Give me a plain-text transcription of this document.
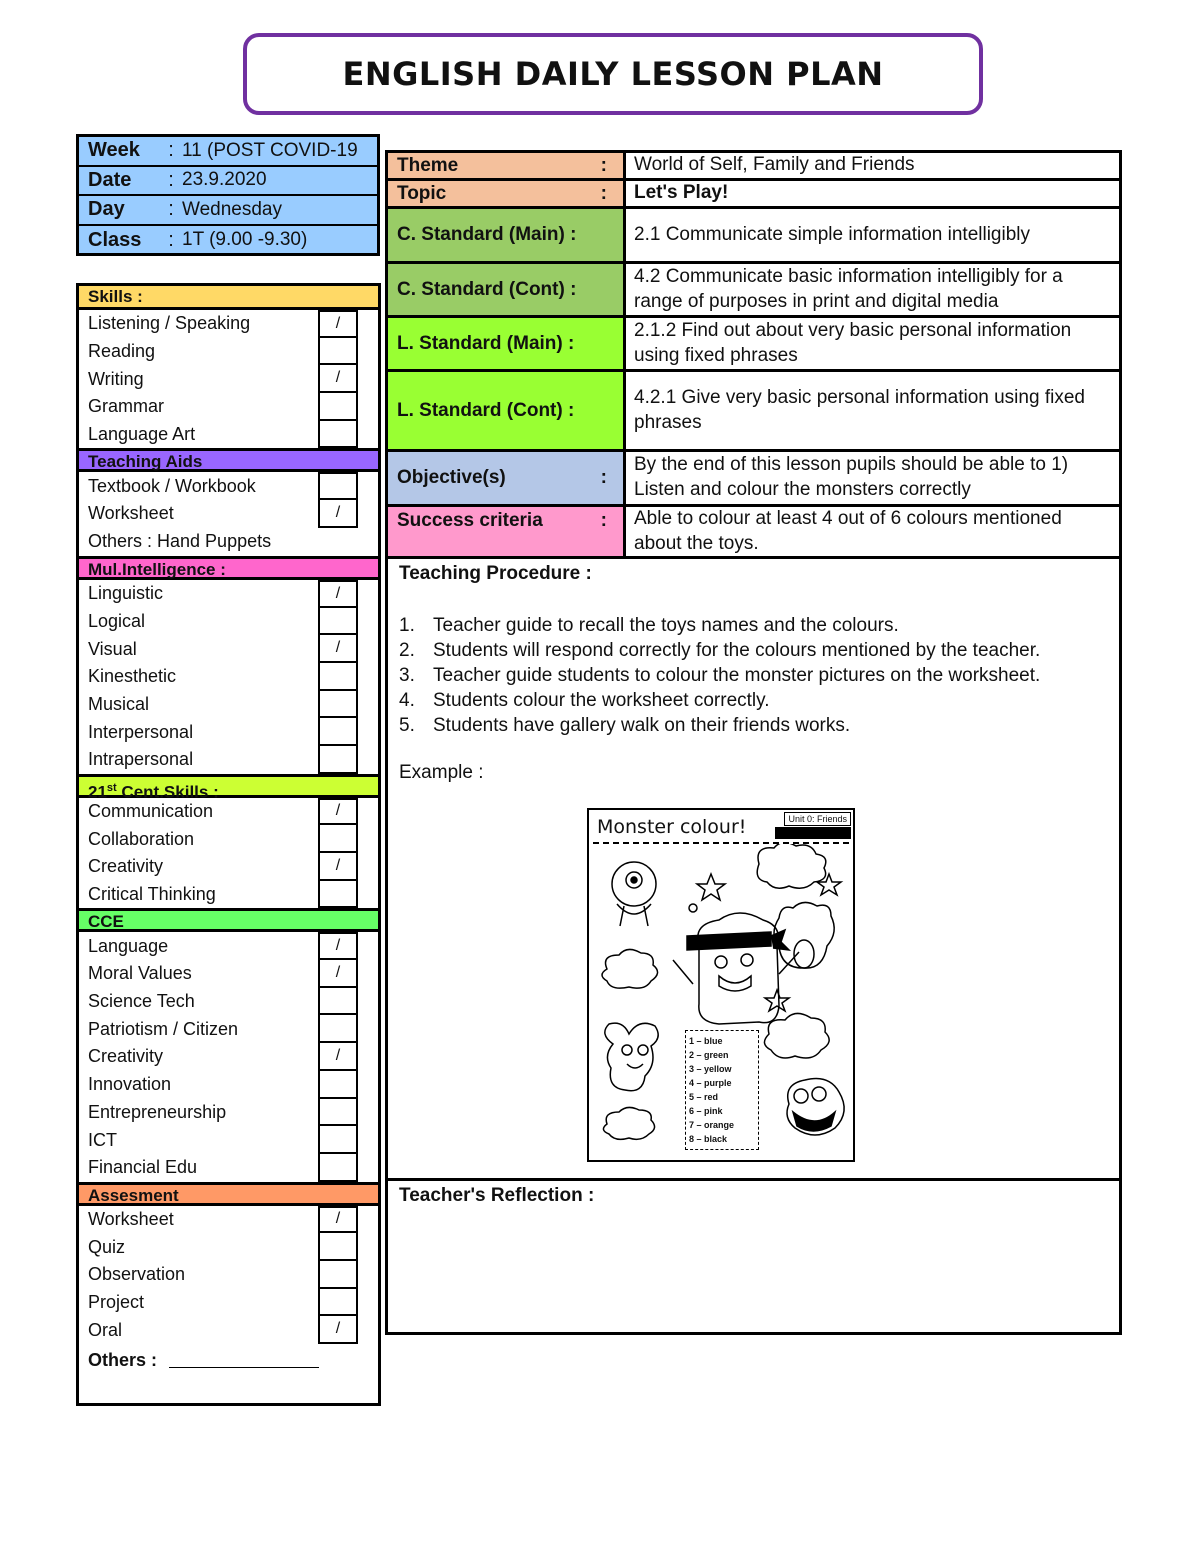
ENGLISH DAILY LESSON PLAN
Week	: 11 (POST COVID-19
Date	: 23.9.2020
Day	: Wednesday
Class	: 1T (9.00 -9.30)
Skills :
Listening / Speaking	/
Reading
Writing	/
Grammar
Language Art
Teaching Aids
Textbook / Workbook
Worksheet	/
Others : Hand Puppets
Mul.Intelligence :
Linguistic	/
Logical
Visual	/
Kinesthetic
Musical
Interpersonal
Intrapersonal
21st Cent.Skills :
Communication	/
Collaboration
Creativity	/
Critical Thinking
CCE
Language	/
Moral Values	/
Science Tech
Patriotism / Citizen
Creativity	/
Innovation
Entrepreneurship
ICT
Financial Edu
Assesment
Worksheet	/
Quiz
Observation
Project
Oral	/
Others :
Theme	:	World of Self, Family and Friends
Topic	:	Let's Play!
C. Standard (Main) :	2.1 Communicate simple information intelligibly
C. Standard (Cont) :
4.2 Communicate basic information intelligibly for a range of purposes in print and digital media
L. Standard (Main) :
2.1.2 Find out about very basic personal information using fixed phrases
L. Standard (Cont) :
4.2.1 Give very basic personal information using fixed phrases
Objective(s)	:
By the end of this lesson pupils should be able to 1) Listen and colour the monsters correctly
Success criteria	:	Able to colour at least 4 out of 6 colours mentioned about the toys.
Teaching Procedure :
1. Teacher guide to recall the toys names and the colours.
2. Students will respond correctly for the colours mentioned by the teacher.
3. Teacher guide students to colour the monster pictures on the worksheet.
4. Students colour the worksheet correctly.
5. Students have gallery walk on their friends works.
Example :
Monster colour!	Unit 0: Friends
1 – blue
2 – green
3 – yellow
4 – purple
5 – red
6 – pink
7 – orange
8 – black
Teacher's Reflection :
